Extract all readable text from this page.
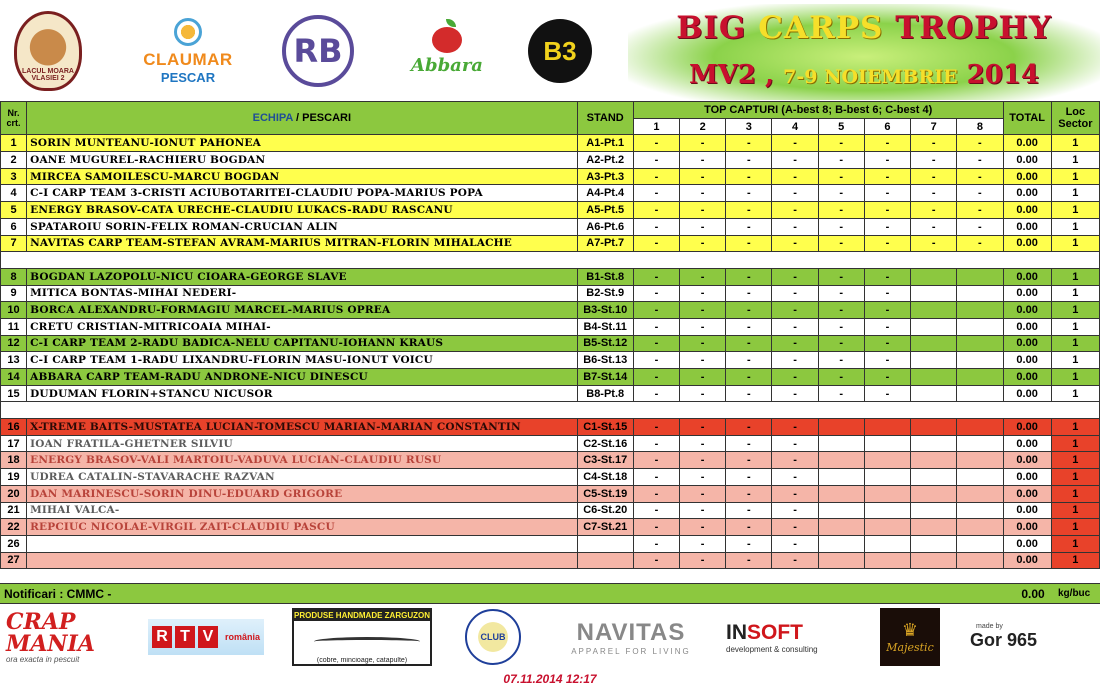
LACUL MOARA VLASIEI 2
CLAUMAR
PESCAR
RB	Abbara	B3
BIG CARPS TROPHY
MV2 , 7-9 NOIEMBRIE 2014
Nr. crt.	ECHIPA / PESCARI	STAND	TOP CAPTURI (A-best 8; B-best 6; C-best 4)								TOTAL	Loc Sector
			1	2	3	4	5	6	7	8		
1	SORIN MUNTEANU-IONUT PAHONEA	A1-Pt.1	-	-	-	-	-	-	-	-	0.00	1
2	OANE MUGUREL-RACHIERU BOGDAN	A2-Pt.2	-	-	-	-	-	-	-	-	0.00	1
3	MIRCEA SAMOILESCU-MARCU BOGDAN	A3-Pt.3	-	-	-	-	-	-	-	-	0.00	1
4	C-I CARP TEAM 3-CRISTI ACIUBOTARITEI-CLAUDIU POPA-MARIUS POPA	A4-Pt.4	-	-	-	-	-	-	-	-	0.00	1
5	ENERGY BRASOV-CATA URECHE-CLAUDIU LUKACS-RADU RASCANU	A5-Pt.5	-	-	-	-	-	-	-	-	0.00	1
6	SPATAROIU SORIN-FELIX ROMAN-CRUCIAN ALIN	A6-Pt.6	-	-	-	-	-	-	-	-	0.00	1
7	NAVITAS CARP TEAM-STEFAN AVRAM-MARIUS MITRAN-FLORIN MIHALACHE	A7-Pt.7	-	-	-	-	-	-	-	-	0.00	1

8	BOGDAN LAZOPOLU-NICU CIOARA-GEORGE SLAVE	B1-St.8	-	-	-	-	-	-			0.00	1
9	MITICA BONTAS-MIHAI NEDERI-	B2-St.9	-	-	-	-	-	-			0.00	1
10	BORCA ALEXANDRU-FORMAGIU MARCEL-MARIUS OPREA	B3-St.10	-	-	-	-	-	-			0.00	1
11	CRETU CRISTIAN-MITRICOAIA MIHAI-	B4-St.11	-	-	-	-	-	-			0.00	1
12	C-I CARP TEAM 2-RADU BADICA-NELU CAPITANU-IOHANN KRAUS	B5-St.12	-	-	-	-	-	-			0.00	1
13	C-I CARP TEAM 1-RADU LIXANDRU-FLORIN MASU-IONUT VOICU	B6-St.13	-	-	-	-	-	-			0.00	1
14	ABBARA CARP TEAM-RADU ANDRONE-NICU DINESCU	B7-St.14	-	-	-	-	-	-			0.00	1
15	DUDUMAN FLORIN+STANCU NICUSOR	B8-Pt.8	-	-	-	-	-	-			0.00	1

16	X-TREME BAITS-MUSTATEA LUCIAN-TOMESCU MARIAN-MARIAN CONSTANTIN	C1-St.15	-	-	-	-					0.00	1
17	IOAN FRATILA-GHETNER SILVIU	C2-St.16	-	-	-	-					0.00	1
18	ENERGY BRASOV-VALI MARTOIU-VADUVA LUCIAN-CLAUDIU RUSU	C3-St.17	-	-	-	-					0.00	1
19	UDREA CATALIN-STAVARACHE RAZVAN	C4-St.18	-	-	-	-					0.00	1
20	DAN MARINESCU-SORIN DINU-EDUARD GRIGORE	C5-St.19	-	-	-	-					0.00	1
21	MIHAI VALCA-	C6-St.20	-	-	-	-					0.00	1
22	REPCIUC NICOLAE-VIRGIL ZAIT-CLAUDIU PASCU	C7-St.21	-	-	-	-					0.00	1
26			-	-	-	-					0.00	1
27			-	-	-	-					0.00	1
Notificari : CMMC -	0.00	kg/buc
CRAP MANIA
ora exacta in pescuit
R T V	românia
PRODUSE HANDMADE ZARGUZON
(cobre, mincioage, catapulte)
CLUB	NAVITAS
APPAREL FOR LIVING
INSOFT
development & consulting
♛
Majestic
made by
Gor 965
07.11.2014 12:17
